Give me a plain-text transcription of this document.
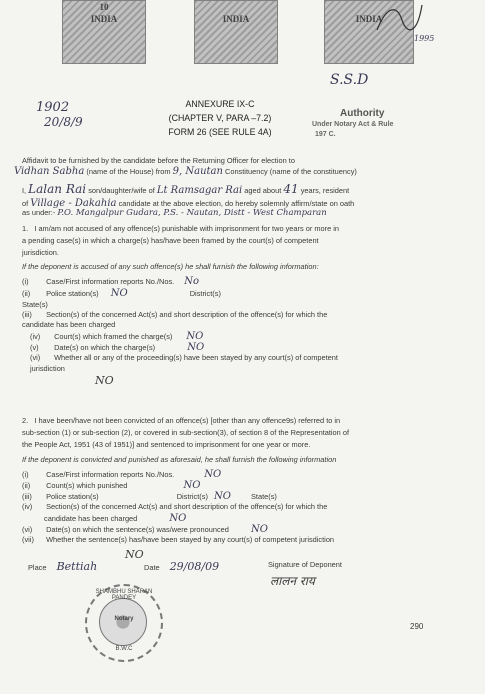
10
INDIA	INDIA	INDIA
1995
S.S.D
Authority
Under Notary Act & Rule
197 C.
1902
20/8/9
ANNEXURE IX-C
(CHAPTER V, PARA –7.2)
FORM 26 (SEE RULE 4A)
Affidavit to be furnished by the candidate before the Returning Officer for election to
Vidhan Sabha (name of the House) from 9, Nautan Constituency (name of the constituency)
I, Lalan Rai son/daughter/wife of Lt Ramsagar Rai aged about 41 years, resident
of Village - Dakahia candidate at the above election, do hereby solemnly affirm/state on oath
as under:- P.O. Mangalpur Gudara, P.S. - Nautan, Distt - West Champaran
1. I am/am not accused of any offence(s) punishable with imprisonment for two years or more in
a pending case(s) in which a charge(s) has/have been framed by the court(s) of competent
jurisdiction.
If the deponent is accused of any such offence(s) he shall furnish the following information:
(i) Case/First information reports No./Nos. No
(ii) Police station(s) NO	District(s)
State(s)
(iii) Section(s) of the concerned Act(s) and short description of the offence(s) for which the
candidate has been charged
(iv) Court(s) which framed the charge(s) NO
(v) Date(s) on which the charge(s)	NO
(vi) Whether all or any of the proceeding(s) have been stayed by any court(s) of competent
jurisdiction
NO
2. I have been/have not been convicted of an offence(s) [other than any offence9s) referred to in
sub-section (1) or sub-section (2), or covered in sub-section(3), of section 8 of the Representation of
the People Act, 1951 (43 of 1951)] and sentenced to imprisonment for one year or more.
If the deponent is convicted and punished as aforesaid, he shall furnish the following information
(i) Case/First information reports No./Nos.	NO
(ii) Count(s) which punished	NO
(iii) Police station(s)	District(s) NO	State(s)
(iv) Section(s) of the concerned Act(s) and short description of the offence(s) for which the
candidate has been charged	NO
(vi) Date(s) on which the sentence(s) was/were pronounced NO
(vii) Whether the sentence(s) has/have been stayed by any court(s) of competent jurisdiction
NO
Place Bettiah	Date 29/08/09	Signature of Deponent
लालन राय
290
SHAMBHU SHARAN PANDEY
Notary
B.W.C
